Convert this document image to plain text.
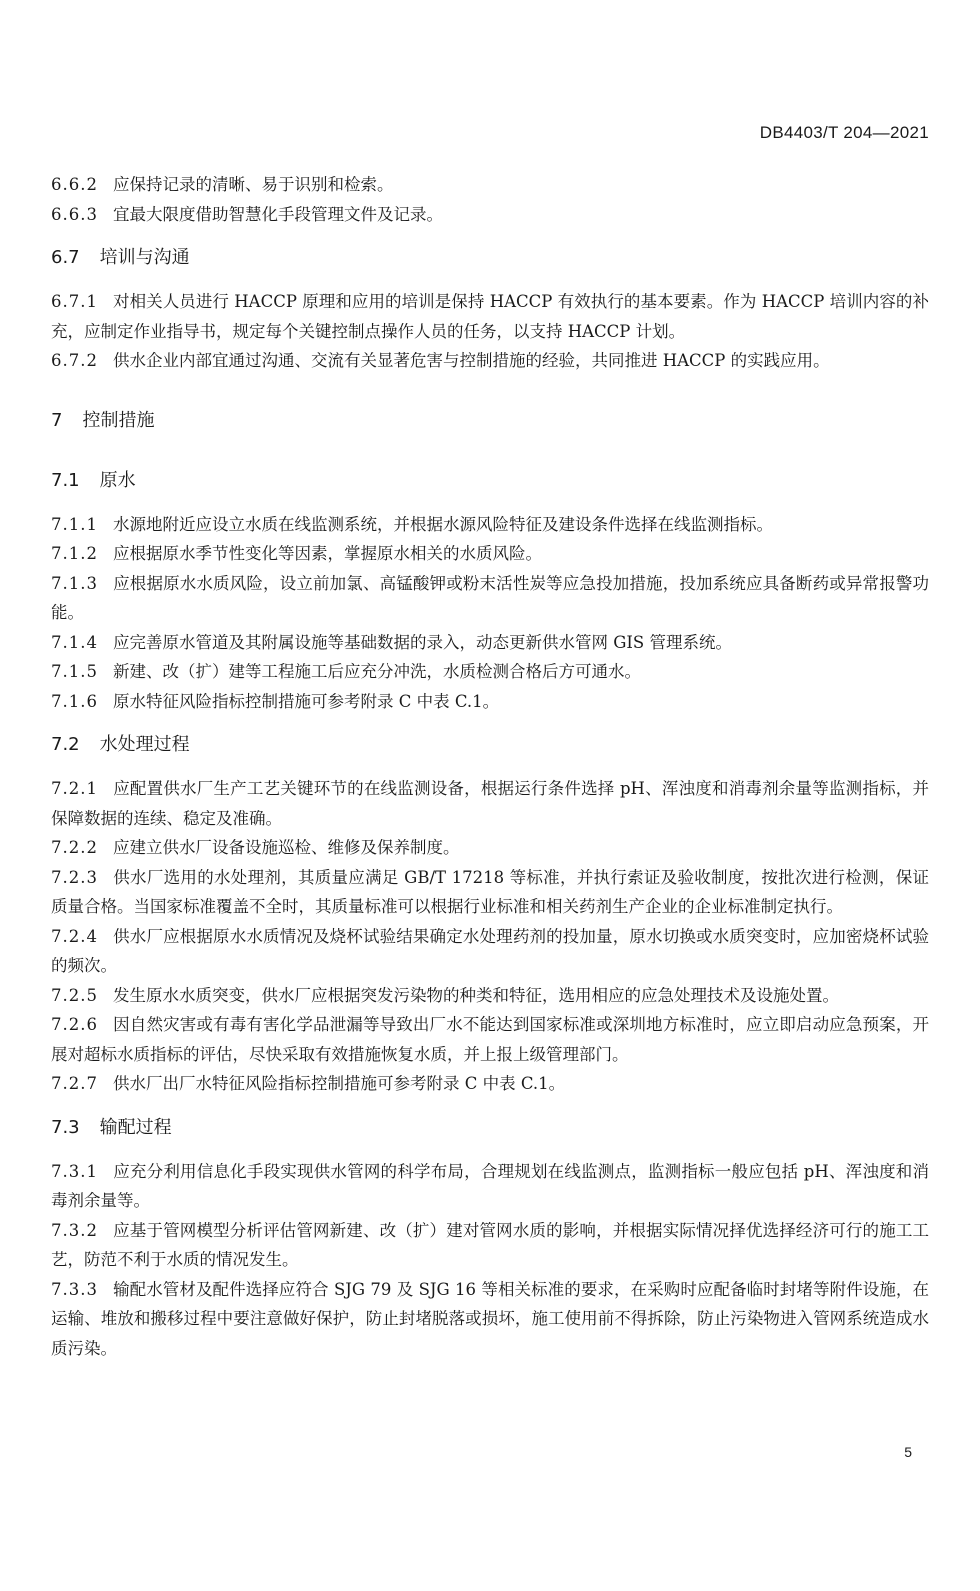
DB4403/T 204—2021
6.6.2 应保持记录的清晰、易于识别和检索。
6.6.3 宜最大限度借助智慧化手段管理文件及记录。
6.7 培训与沟通
6.7.1 对相关人员进行 HACCP 原理和应用的培训是保持 HACCP 有效执行的基本要素。作为 HACCP 培训内容的补充，应制定作业指导书，规定每个关键控制点操作人员的任务，以支持 HACCP 计划。
6.7.2 供水企业内部宜通过沟通、交流有关显著危害与控制措施的经验，共同推进 HACCP 的实践应用。
7 控制措施
7.1 原水
7.1.1 水源地附近应设立水质在线监测系统，并根据水源风险特征及建设条件选择在线监测指标。
7.1.2 应根据原水季节性变化等因素，掌握原水相关的水质风险。
7.1.3 应根据原水水质风险，设立前加氯、高锰酸钾或粉末活性炭等应急投加措施，投加系统应具备断药或异常报警功能。
7.1.4 应完善原水管道及其附属设施等基础数据的录入，动态更新供水管网 GIS 管理系统。
7.1.5 新建、改（扩）建等工程施工后应充分冲洗，水质检测合格后方可通水。
7.1.6 原水特征风险指标控制措施可参考附录 C 中表 C.1。
7.2 水处理过程
7.2.1 应配置供水厂生产工艺关键环节的在线监测设备，根据运行条件选择 pH、浑浊度和消毒剂余量等监测指标，并保障数据的连续、稳定及准确。
7.2.2 应建立供水厂设备设施巡检、维修及保养制度。
7.2.3 供水厂选用的水处理剂，其质量应满足 GB/T 17218 等标准，并执行索证及验收制度，按批次进行检测，保证质量合格。当国家标准覆盖不全时，其质量标准可以根据行业标准和相关药剂生产企业的企业标准制定执行。
7.2.4 供水厂应根据原水水质情况及烧杯试验结果确定水处理药剂的投加量，原水切换或水质突变时，应加密烧杯试验的频次。
7.2.5 发生原水水质突变，供水厂应根据突发污染物的种类和特征，选用相应的应急处理技术及设施处置。
7.2.6 因自然灾害或有毒有害化学品泄漏等导致出厂水不能达到国家标准或深圳地方标准时，应立即启动应急预案，开展对超标水质指标的评估，尽快采取有效措施恢复水质，并上报上级管理部门。
7.2.7 供水厂出厂水特征风险指标控制措施可参考附录 C 中表 C.1。
7.3 输配过程
7.3.1 应充分利用信息化手段实现供水管网的科学布局，合理规划在线监测点，监测指标一般应包括 pH、浑浊度和消毒剂余量等。
7.3.2 应基于管网模型分析评估管网新建、改（扩）建对管网水质的影响，并根据实际情况择优选择经济可行的施工工艺，防范不利于水质的情况发生。
7.3.3 输配水管材及配件选择应符合 SJG 79 及 SJG 16 等相关标准的要求，在采购时应配备临时封堵等附件设施，在运输、堆放和搬移过程中要注意做好保护，防止封堵脱落或损坏，施工使用前不得拆除，防止污染物进入管网系统造成水质污染。
5
